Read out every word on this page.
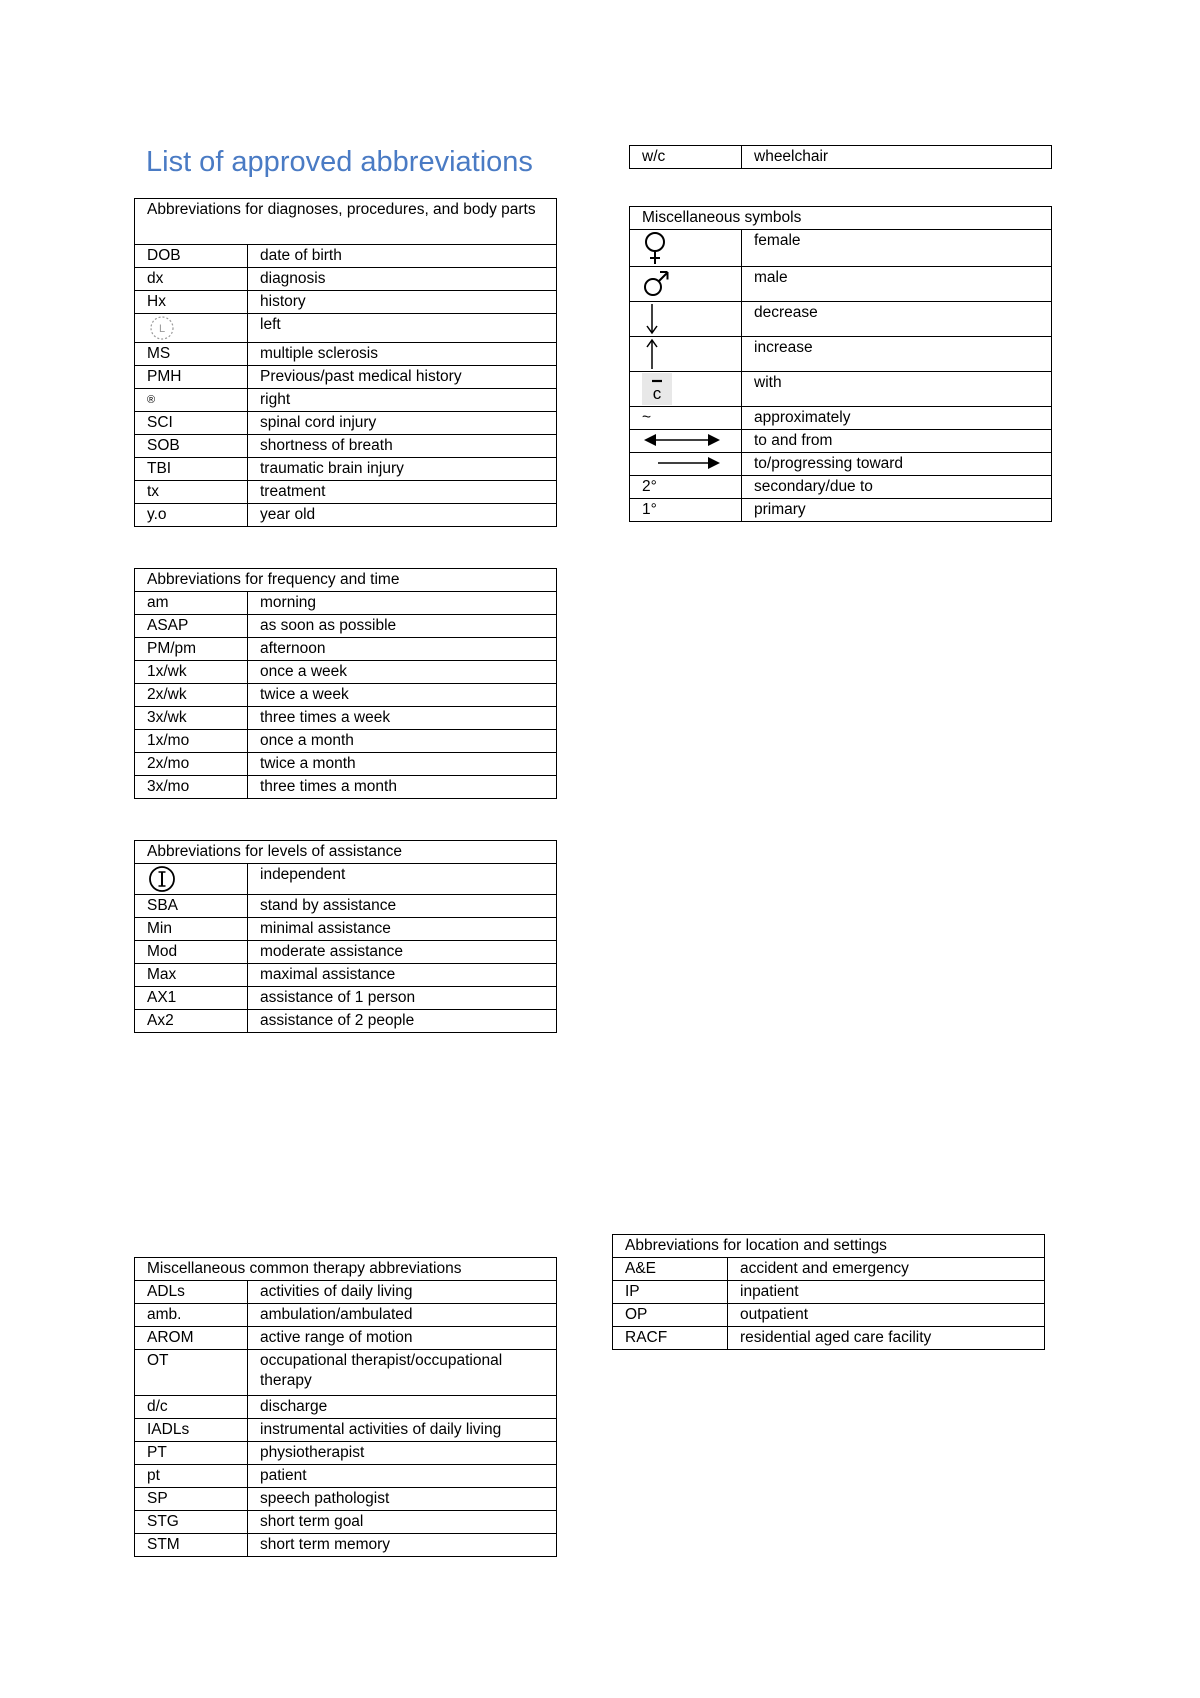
List of approved abbreviations	w/c	wheelchair
Abbreviations for diagnoses, procedures, and body parts	
DOB	date of birth
dx	diagnosis
Hx	history

L	left
MS	multiple sclerosis
PMH	Previous/past medical history
®	right
SCI	spinal cord injury
SOB	shortness of breath
TBI	traumatic brain injury
tx	treatment
y.o	year old
Abbreviations for frequency and time	
am	morning
ASAP	as soon as possible
PM/pm	afternoon
1x/wk	once a week
2x/wk	twice a week
3x/wk	three times a week
1x/mo	once a month
2x/mo	twice a month
3x/mo	three times a month
Abbreviations for levels of assistance	

	independent
SBA	stand by assistance
Min	minimal assistance
Mod	moderate assistance
Max	maximal assistance
AX1	assistance of 1 person
Ax2	assistance of 2 people
Miscellaneous symbols	

	female

	male

	decrease

	increase

c	with
~	approximately

	to and from

	to/progressing toward
2°	secondary/due to
1°	primary
Miscellaneous common therapy abbreviations	
ADLs	activities of daily living
amb.	ambulation/ambulated
AROM	active range of motion
OT	occupational therapist/occupational therapy
d/c	discharge
IADLs	instrumental activities of daily living
PT	physiotherapist
pt	patient
SP	speech pathologist
STG	short term goal
STM	short term memory
Abbreviations for location and settings	
A&E	accident and emergency
IP	inpatient
OP	outpatient
RACF	residential aged care facility
